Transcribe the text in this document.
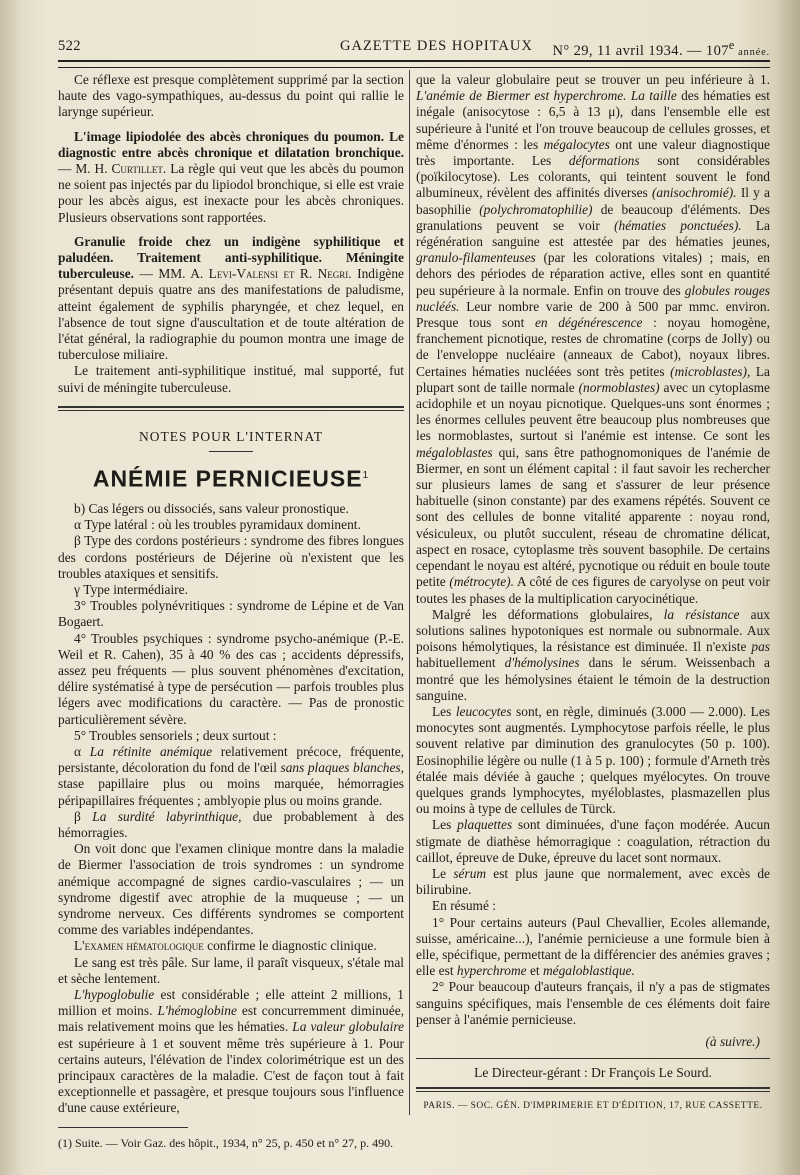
522	GAZETTE DES HOPITAUX N° 29, 11 avril 1934. — 107e année.

Ce réflexe est presque complètement supprimé par la section haute des vago-sympathiques, au-dessus du point qui rallie le larynge supérieur.

L'image lipiodolée des abcès chroniques du poumon. Le diagnostic entre abcès chronique et dilatation bronchique. — M. H. Curtillet. La règle qui veut que les abcès du poumon ne soient pas injectés par du lipiodol bronchique, si elle est vraie pour les abcès aigus, est inexacte pour les abcès chroniques. Plusieurs observations sont rapportées.

Granulie froide chez un indigène syphilitique et paludéen. Traitement anti-syphilitique. Méningite tuberculeuse. — MM. A. Levi-Valensi et R. Negri. Indigène présentant depuis quatre ans des manifestations de paludisme, atteint également de syphilis pharyngée, et chez lequel, en l'absence de tout signe d'auscultation et de toute altération de l'état général, la radiographie du poumon montra une image de tuberculose miliaire.

Le traitement anti-syphilitique institué, mal supporté, fut suivi de méningite tuberculeuse.

NOTES POUR L'INTERNAT
ANÉMIE PERNICIEUSE$^1$

b) Cas légers ou dissociés, sans valeur pronostique.

α Type latéral : où les troubles pyramidaux dominent.

β Type des cordons postérieurs : syndrome des fibres longues des cordons postérieurs de Déjerine où n'existent que les troubles ataxiques et sensitifs.

γ Type intermédiaire.

3° Troubles polynévritiques : syndrome de Lépine et de Van Bogaert.

4° Troubles psychiques : syndrome psycho-anémique (P.-E. Weil et R. Cahen), 35 à 40 % des cas ; accidents dépressifs, assez peu fréquents — plus souvent phénomènes d'excitation, délire systématisé à type de persécution — parfois troubles plus légers avec modifications du caractère. — Pas de pronostic particulièrement sévère.

5° Troubles sensoriels ; deux surtout :

α La rétinite anémique relativement précoce, fréquente, persistante, décoloration du fond de l'œil sans plaques blanches, stase papillaire plus ou moins marquée, hémorragies péripapillaires fréquentes ; amblyopie plus ou moins grande.

β La surdité labyrinthique, due probablement à des hémorragies.

On voit donc que l'examen clinique montre dans la maladie de Biermer l'association de trois syndromes : un syndrome anémique accompagné de signes cardio-vasculaires ; — un syndrome digestif avec atrophie de la muqueuse ; — un syndrome nerveux. Ces différents syndromes se comportent comme des variables indépendantes.

L'examen hématologique confirme le diagnostic clinique.

Le sang est très pâle. Sur lame, il paraît visqueux, s'étale mal et sèche lentement.

L'hypoglobulie est considérable ; elle atteint 2 millions, 1 million et moins. L'hémoglobine est concurremment diminuée, mais relativement moins que les hématies. La valeur globulaire est supérieure à 1 et souvent même très supérieure à 1. Pour certains auteurs, l'élévation de l'index colorimétrique est un des principaux caractères de la maladie. C'est de façon tout à fait exceptionnelle et passagère, et presque toujours sous l'influence d'une cause extérieure,

(1) Suite. — Voir Gaz. des hôpit., 1934, n° 25, p. 450 et n° 27, p. 490.

que la valeur globulaire peut se trouver un peu inférieure à 1. L'anémie de Biermer est hyperchrome. La taille des hématies est inégale (anisocytose : 6,5 à 13 μ), dans l'ensemble elle est supérieure à l'unité et l'on trouve beaucoup de cellules grosses, et même d'énormes : les mégalocytes ont une valeur diagnostique très importante. Les déformations sont considérables (poïkilocytose). Les colorants, qui teintent souvent le fond albumineux, révèlent des affinités diverses (anisochromié). Il y a basophilie (polychromatophilie) de beaucoup d'éléments. Des granulations peuvent se voir (hématies ponctuées). La régénération sanguine est attestée par des hématies jeunes, granulo-filamenteuses (par les colorations vitales) ; mais, en dehors des périodes de réparation active, elles sont en quantité peu supérieure à la normale. Enfin on trouve des globules rouges nucléés. Leur nombre varie de 200 à 500 par mmc. environ. Presque tous sont en dégénérescence : noyau homogène, franchement picnotique, restes de chromatine (corps de Jolly) ou de l'enveloppe nucléaire (anneaux de Cabot), noyaux libres. Certaines hématies nucléées sont très petites (microblastes), La plupart sont de taille normale (normoblastes) avec un cytoplasme acidophile et un noyau picnotique. Quelques-uns sont énormes ; les énormes cellules peuvent être beaucoup plus nombreuses que les normoblastes, surtout si l'anémie est intense. Ce sont les mégaloblastes qui, sans être pathognomoniques de l'anémie de Biermer, en sont un élément capital : il faut savoir les rechercher sur plusieurs lames de sang et s'assurer de leur présence habituelle (sinon constante) par des examens répétés. Souvent ce sont des cellules de bonne vitalité apparente : noyau rond, vésiculeux, ou plutôt succulent, réseau de chromatine délicat, aspect en rosace, cytoplasme très souvent basophile. De certains cependant le noyau est altéré, pycnotique ou réduit en boule toute petite (métrocyte). A côté de ces figures de caryolyse on peut voir toutes les phases de la multiplication caryocinétique.

Malgré les déformations globulaires, la résistance aux solutions salines hypotoniques est normale ou subnormale. Aux poisons hémolytiques, la résistance est diminuée. Il n'existe pas habituellement d'hémolysines dans le sérum. Weissenbach a montré que les hémolysines étaient le témoin de la destruction sanguine.

Les leucocytes sont, en règle, diminués (3.000 — 2.000). Les monocytes sont augmentés. Lymphocytose parfois réelle, le plus souvent relative par diminution des granulocytes (50 p. 100). Eosinophilie légère ou nulle (1 à 5 p. 100) ; formule d'Arneth très étalée mais déviée à gauche ; quelques myélocytes. On trouve quelques grands lymphocytes, myéloblastes, plasmazellen plus ou moins à type de cellules de Türck.

Les plaquettes sont diminuées, d'une façon modérée. Aucun stigmate de diathèse hémorragique : coagulation, rétraction du caillot, épreuve de Duke, épreuve du lacet sont normaux.

Le sérum est plus jaune que normalement, avec excès de bilirubine.

En résumé :

1° Pour certains auteurs (Paul Chevallier, Ecoles allemande, suisse, américaine...), l'anémie pernicieuse a une formule bien à elle, spécifique, permettant de la différencier des anémies graves ; elle est hyperchrome et mégaloblastique.

2° Pour beaucoup d'auteurs français, il n'y a pas de stigmates sanguins spécifiques, mais l'ensemble de ces éléments doit faire penser à l'anémie pernicieuse.

(à suivre.)
Le Directeur-gérant : Dr François Le Sourd.
PARIS. — SOC. GÉN. D'IMPRIMERIE ET D'ÉDITION, 17, RUE CASSETTE.
